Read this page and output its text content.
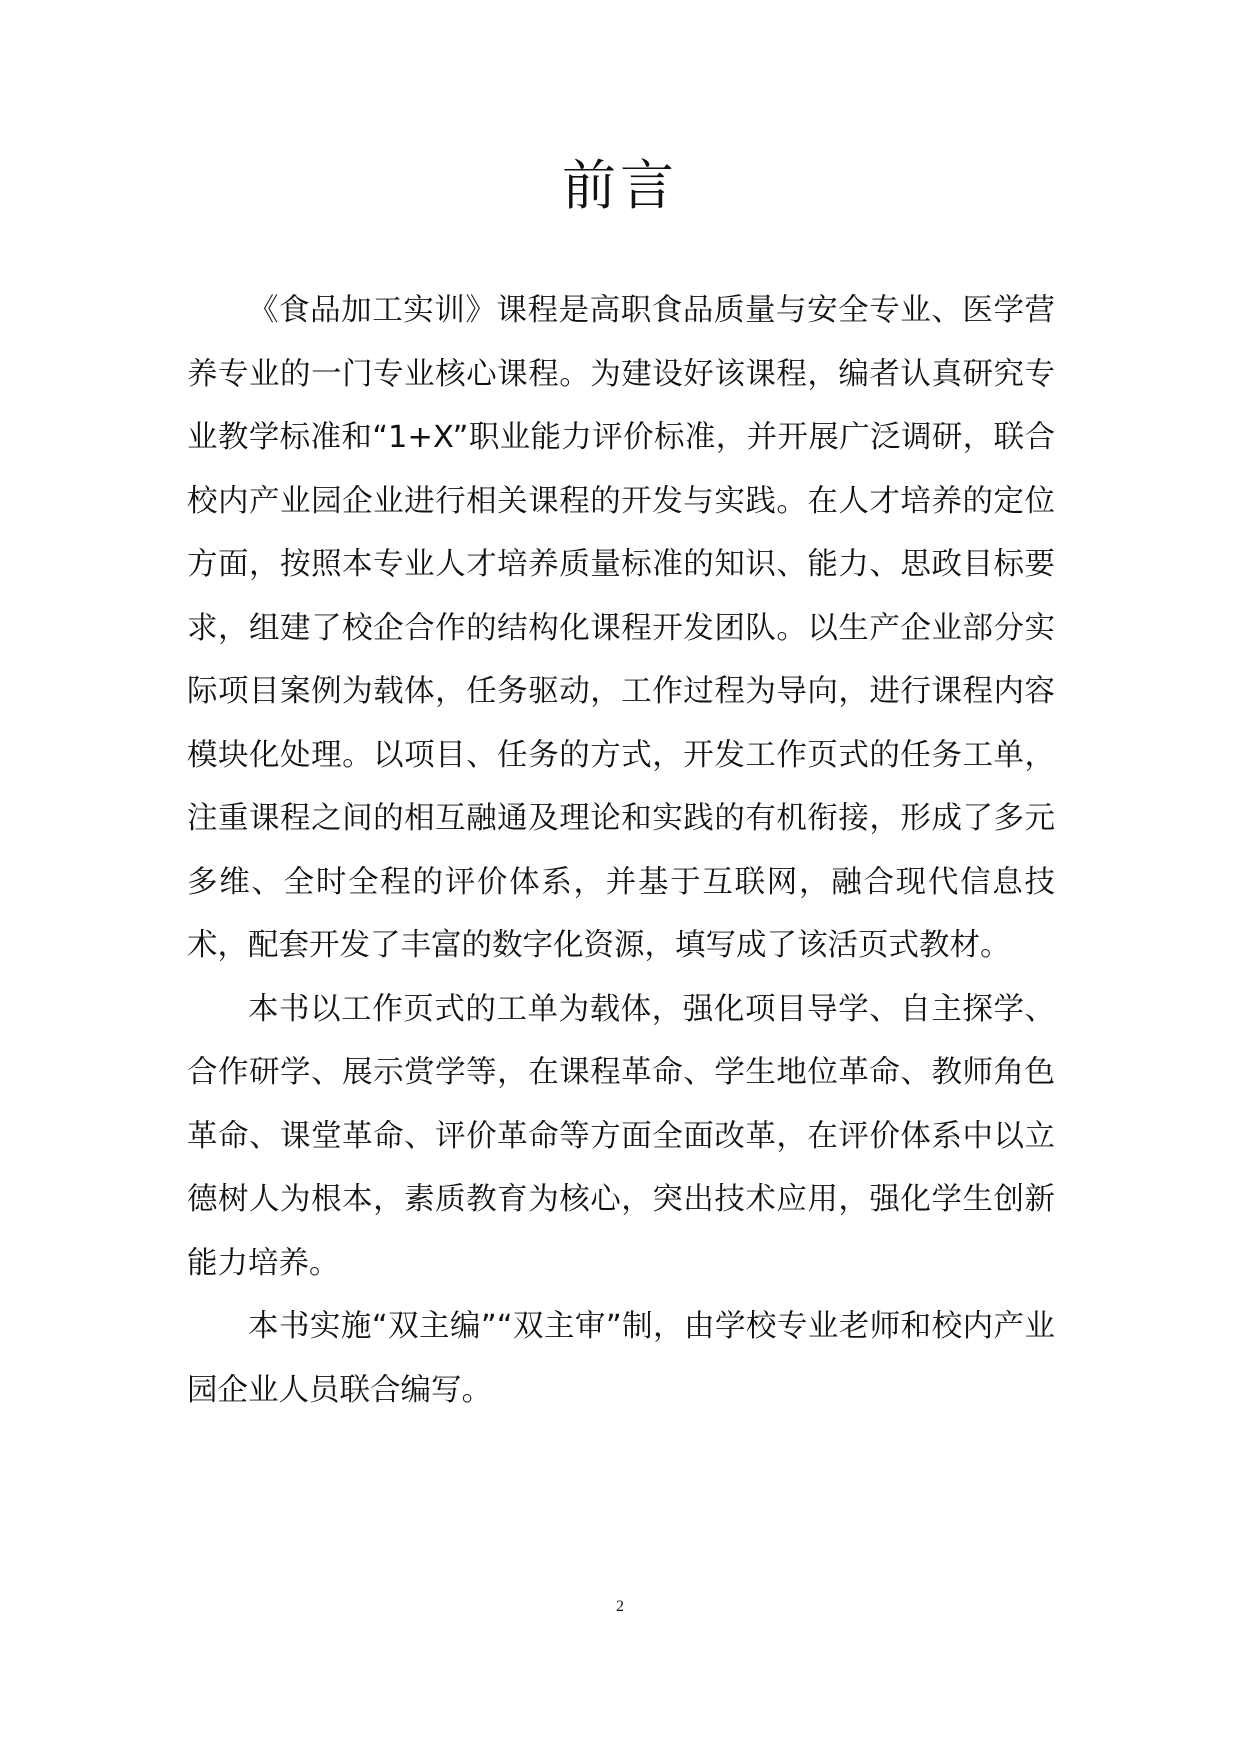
前言

《食品加工实训》课程是高职食品质量与安全专业、医学营养专业的一门专业核心课程。为建设好该课程，编者认真研究专业教学标准和“1+X”职业能力评价标准，并开展广泛调研，联合校内产业园企业进行相关课程的开发与实践。在人才培养的定位方面，按照本专业人才培养质量标准的知识、能力、思政目标要求，组建了校企合作的结构化课程开发团队。以生产企业部分实际项目案例为载体，任务驱动，工作过程为导向，进行课程内容模块化处理。以项目、任务的方式，开发工作页式的任务工单，注重课程之间的相互融通及理论和实践的有机衔接，形成了多元多维、全时全程的评价体系，并基于互联网，融合现代信息技术，配套开发了丰富的数字化资源，填写成了该活页式教材。

本书以工作页式的工单为载体，强化项目导学、自主探学、合作研学、展示赏学等，在课程革命、学生地位革命、教师角色革命、课堂革命、评价革命等方面全面改革，在评价体系中以立德树人为根本，素质教育为核心，突出技术应用，强化学生创新能力培养。

本书实施“双主编”“双主审”制，由学校专业老师和校内产业园企业人员联合编写。

2
